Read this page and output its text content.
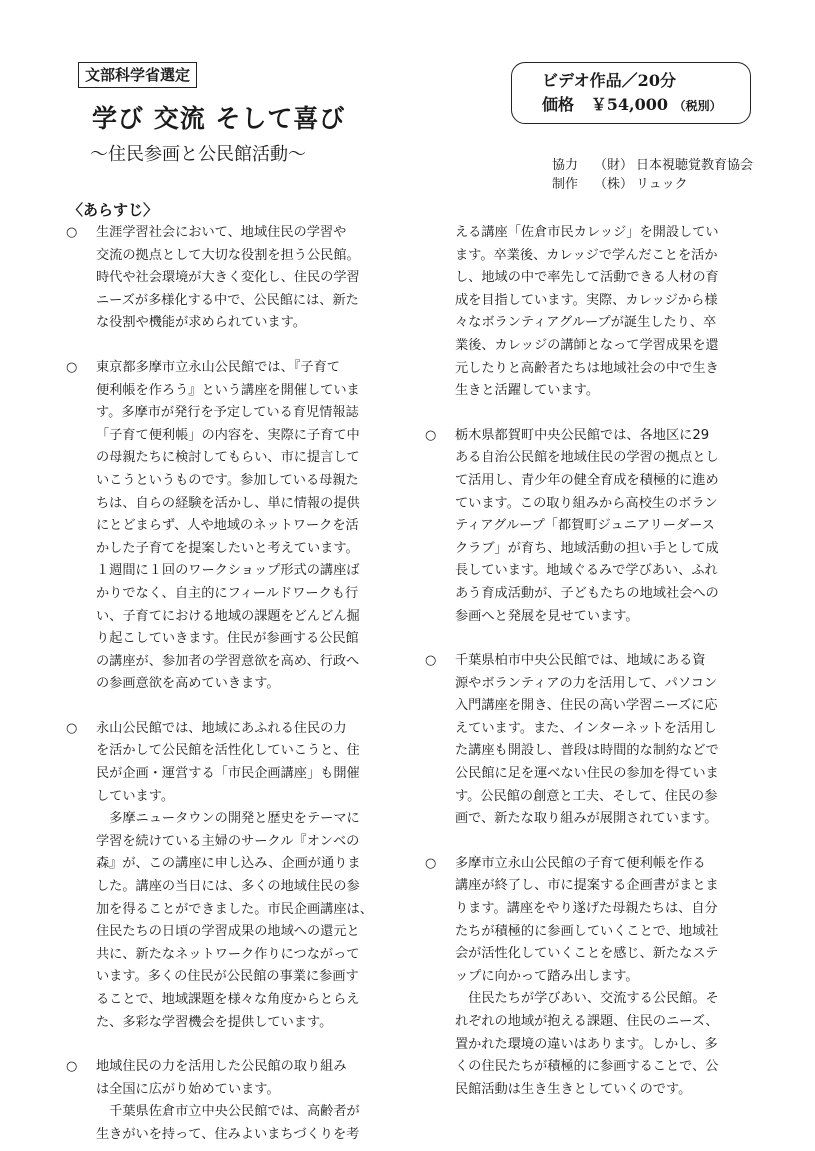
文部科学省選定
学び 交流 そして喜び
～住民参画と公民館活動～
ビデオ作品／20分
価格 ￥54,000 （税別）
協力 （財） 日本視聴覚教育協会
制作 （株） リュック
〈あらすじ〉
○	生涯学習社会において、地域住民の学習や
交流の拠点として大切な役割を担う公民館。
時代や社会環境が大きく変化し、住民の学習
ニーズが多様化する中で、公民館には、新た
な役割や機能が求められています。
○	東京都多摩市立永山公民館では、『子育て
便利帳を作ろう』という講座を開催していま
す。多摩市が発行を予定している育児情報誌
「子育て便利帳」の内容を、実際に子育て中
の母親たちに検討してもらい、市に提言して
いこうというものです。参加している母親た
ちは、自らの経験を活かし、単に情報の提供
にとどまらず、人や地域のネットワークを活
かした子育てを提案したいと考えています。
１週間に１回のワークショップ形式の講座ば
かりでなく、自主的にフィールドワークも行
い、子育てにおける地域の課題をどんどん掘
り起こしていきます。住民が参画する公民館
の講座が、参加者の学習意欲を高め、行政へ
の参画意欲を高めていきます。
○	永山公民館では、地域にあふれる住民の力
を活かして公民館を活性化していこうと、住
民が企画・運営する「市民企画講座」も開催
しています。
　多摩ニュータウンの開発と歴史をテーマに
学習を続けている主婦のサークル『オンベの
森』が、この講座に申し込み、企画が通りま
した。講座の当日には、多くの地域住民の参
加を得ることができました。市民企画講座は、
住民たちの日頃の学習成果の地域への還元と
共に、新たなネットワーク作りにつながって
います。多くの住民が公民館の事業に参画す
ることで、地域課題を様々な角度からとらえ
た、多彩な学習機会を提供しています。
○	地域住民の力を活用した公民館の取り組み
は全国に広がり始めています。
　千葉県佐倉市立中央公民館では、高齢者が
生きがいを持って、住みよいまちづくりを考
える講座「佐倉市民カレッジ」を開設してい
ます。卒業後、カレッジで学んだことを活か
し、地域の中で率先して活動できる人材の育
成を目指しています。実際、カレッジから様
々なボランティアグループが誕生したり、卒
業後、カレッジの講師となって学習成果を還
元したりと高齢者たちは地域社会の中で生き
生きと活躍しています。
○	栃木県都賀町中央公民館では、各地区に29
ある自治公民館を地域住民の学習の拠点とし
て活用し、青少年の健全育成を積極的に進め
ています。この取り組みから高校生のボラン
ティアグループ「都賀町ジュニアリーダース
クラブ」が育ち、地域活動の担い手として成
長しています。地域ぐるみで学びあい、ふれ
あう育成活動が、子どもたちの地域社会への
参画へと発展を見せています。
○	千葉県柏市中央公民館では、地域にある資
源やボランティアの力を活用して、パソコン
入門講座を開き、住民の高い学習ニーズに応
えています。また、インターネットを活用し
た講座も開設し、普段は時間的な制約などで
公民館に足を運べない住民の参加を得ていま
す。公民館の創意と工夫、そして、住民の参
画で、新たな取り組みが展開されています。
○	多摩市立永山公民館の子育て便利帳を作る
講座が終了し、市に提案する企画書がまとま
ります。講座をやり遂げた母親たちは、自分
たちが積極的に参画していくことで、地域社
会が活性化していくことを感じ、新たなステ
ップに向かって踏み出します。
　住民たちが学びあい、交流する公民館。そ
れぞれの地域が抱える課題、住民のニーズ、
置かれた環境の違いはあります。しかし、多
くの住民たちが積極的に参画することで、公
民館活動は生き生きとしていくのです。
